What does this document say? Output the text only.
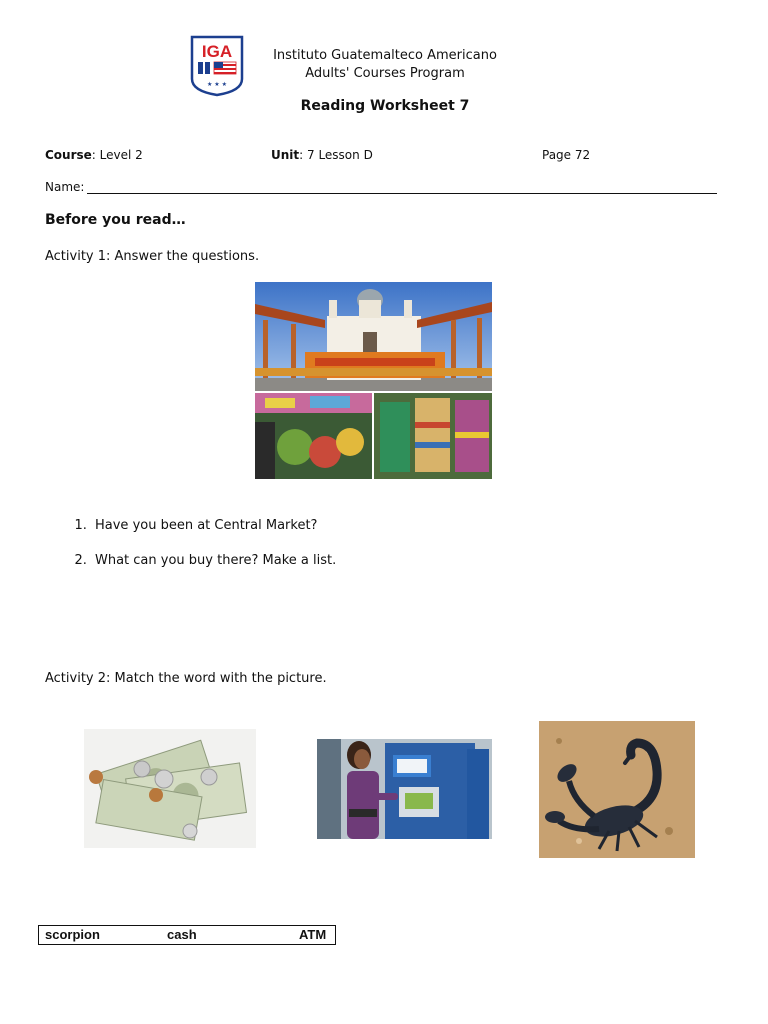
IGA
★ ★ ★
Instituto Guatemalteco Americano
Adults' Courses Program
Reading Worksheet 7
Course: Level 2	Unit: 7 Lesson D	Page 72
Name:
Before you read…
Activity 1: Answer the questions.
1. Have you been at Central Market?
2. What can you buy there? Make a list.
Activity 2: Match the word with the picture.
scorpion	cash	ATM
